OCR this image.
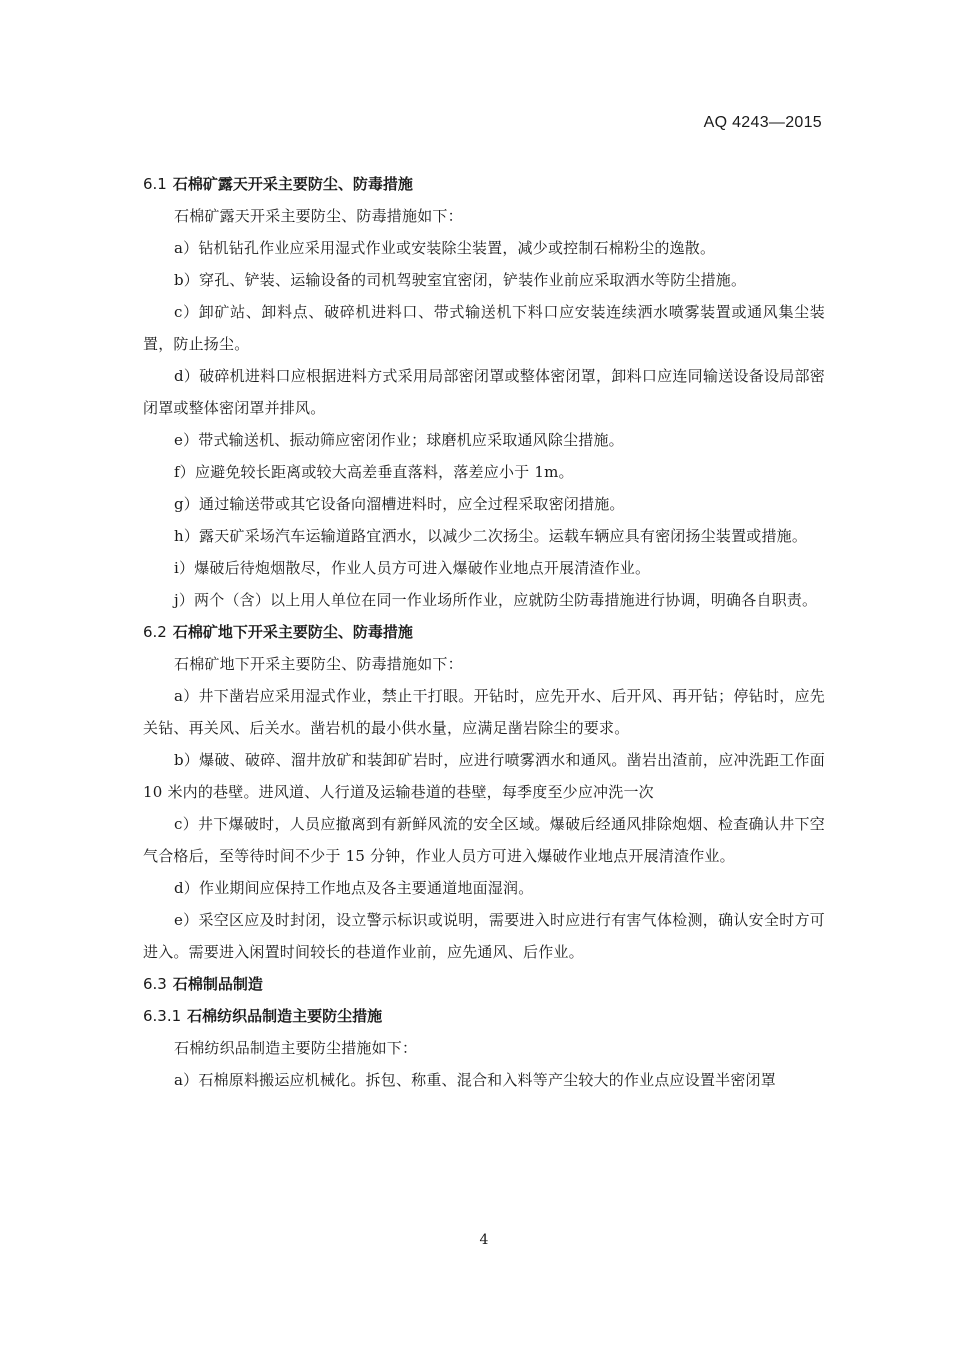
AQ 4243—2015
6.1 石棉矿露天开采主要防尘、防毒措施
石棉矿露天开采主要防尘、防毒措施如下：
a）钻机钻孔作业应采用湿式作业或安装除尘装置，减少或控制石棉粉尘的逸散。
b）穿孔、铲装、运输设备的司机驾驶室宜密闭，铲装作业前应采取洒水等防尘措施。
c）卸矿站、卸料点、破碎机进料口、带式输送机下料口应安装连续洒水喷雾装置或通风集尘装置，防止扬尘。
d）破碎机进料口应根据进料方式采用局部密闭罩或整体密闭罩，卸料口应连同输送设备设局部密闭罩或整体密闭罩并排风。
e）带式输送机、振动筛应密闭作业；球磨机应采取通风除尘措施。
f）应避免较长距离或较大高差垂直落料，落差应小于 1m。
g）通过输送带或其它设备向溜槽进料时，应全过程采取密闭措施。
h）露天矿采场汽车运输道路宜洒水，以减少二次扬尘。运载车辆应具有密闭扬尘装置或措施。
i）爆破后待炮烟散尽，作业人员方可进入爆破作业地点开展清渣作业。
j）两个（含）以上用人单位在同一作业场所作业，应就防尘防毒措施进行协调，明确各自职责。
6.2 石棉矿地下开采主要防尘、防毒措施
石棉矿地下开采主要防尘、防毒措施如下：
a）井下凿岩应采用湿式作业，禁止干打眼。开钻时，应先开水、后开风、再开钻；停钻时，应先关钻、再关风、后关水。凿岩机的最小供水量，应满足凿岩除尘的要求。
b）爆破、破碎、溜井放矿和装卸矿岩时，应进行喷雾洒水和通风。凿岩出渣前，应冲洗距工作面 10 米内的巷壁。进风道、人行道及运输巷道的巷壁，每季度至少应冲洗一次
c）井下爆破时，人员应撤离到有新鲜风流的安全区域。爆破后经通风排除炮烟、检查确认井下空气合格后，至等待时间不少于 15 分钟，作业人员方可进入爆破作业地点开展清渣作业。
d）作业期间应保持工作地点及各主要通道地面湿润。
e）采空区应及时封闭，设立警示标识或说明，需要进入时应进行有害气体检测，确认安全时方可进入。需要进入闲置时间较长的巷道作业前，应先通风、后作业。
6.3 石棉制品制造
6.3.1 石棉纺织品制造主要防尘措施
石棉纺织品制造主要防尘措施如下：
a）石棉原料搬运应机械化。拆包、称重、混合和入料等产尘较大的作业点应设置半密闭罩
4
